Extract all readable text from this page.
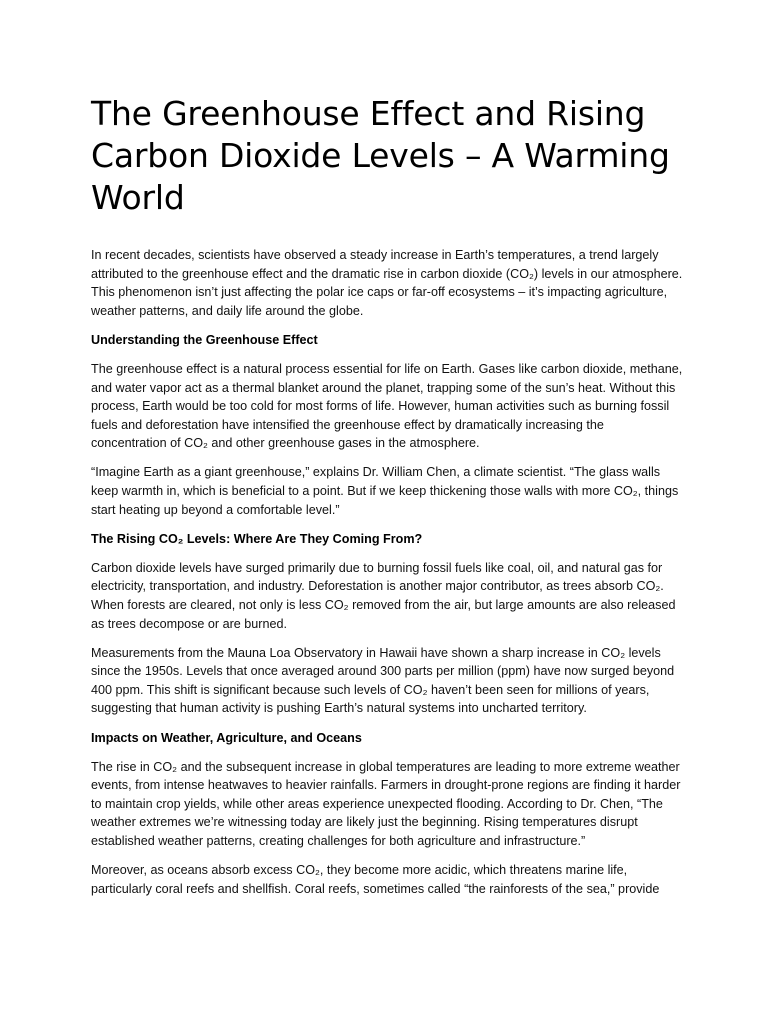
The Greenhouse Effect and Rising Carbon Dioxide Levels – A Warming World

In recent decades, scientists have observed a steady increase in Earth’s temperatures, a trend largely attributed to the greenhouse effect and the dramatic rise in carbon dioxide (CO₂) levels in our atmosphere. This phenomenon isn’t just affecting the polar ice caps or far-off ecosystems – it’s impacting agriculture, weather patterns, and daily life around the globe.

Understanding the Greenhouse Effect

The greenhouse effect is a natural process essential for life on Earth. Gases like carbon dioxide, methane, and water vapor act as a thermal blanket around the planet, trapping some of the sun’s heat. Without this process, Earth would be too cold for most forms of life. However, human activities such as burning fossil fuels and deforestation have intensified the greenhouse effect by dramatically increasing the concentration of CO₂ and other greenhouse gases in the atmosphere.

“Imagine Earth as a giant greenhouse,” explains Dr. William Chen, a climate scientist. “The glass walls keep warmth in, which is beneficial to a point. But if we keep thickening those walls with more CO₂, things start heating up beyond a comfortable level.”

The Rising CO₂ Levels: Where Are They Coming From?

Carbon dioxide levels have surged primarily due to burning fossil fuels like coal, oil, and natural gas for electricity, transportation, and industry. Deforestation is another major contributor, as trees absorb CO₂. When forests are cleared, not only is less CO₂ removed from the air, but large amounts are also released as trees decompose or are burned.

Measurements from the Mauna Loa Observatory in Hawaii have shown a sharp increase in CO₂ levels since the 1950s. Levels that once averaged around 300 parts per million (ppm) have now surged beyond 400 ppm. This shift is significant because such levels of CO₂ haven’t been seen for millions of years, suggesting that human activity is pushing Earth’s natural systems into uncharted territory.

Impacts on Weather, Agriculture, and Oceans

The rise in CO₂ and the subsequent increase in global temperatures are leading to more extreme weather events, from intense heatwaves to heavier rainfalls. Farmers in drought-prone regions are finding it harder to maintain crop yields, while other areas experience unexpected flooding. According to Dr. Chen, “The weather extremes we’re witnessing today are likely just the beginning. Rising temperatures disrupt established weather patterns, creating challenges for both agriculture and infrastructure.”

Moreover, as oceans absorb excess CO₂, they become more acidic, which threatens marine life, particularly coral reefs and shellfish. Coral reefs, sometimes called “the rainforests of the sea,” provide
